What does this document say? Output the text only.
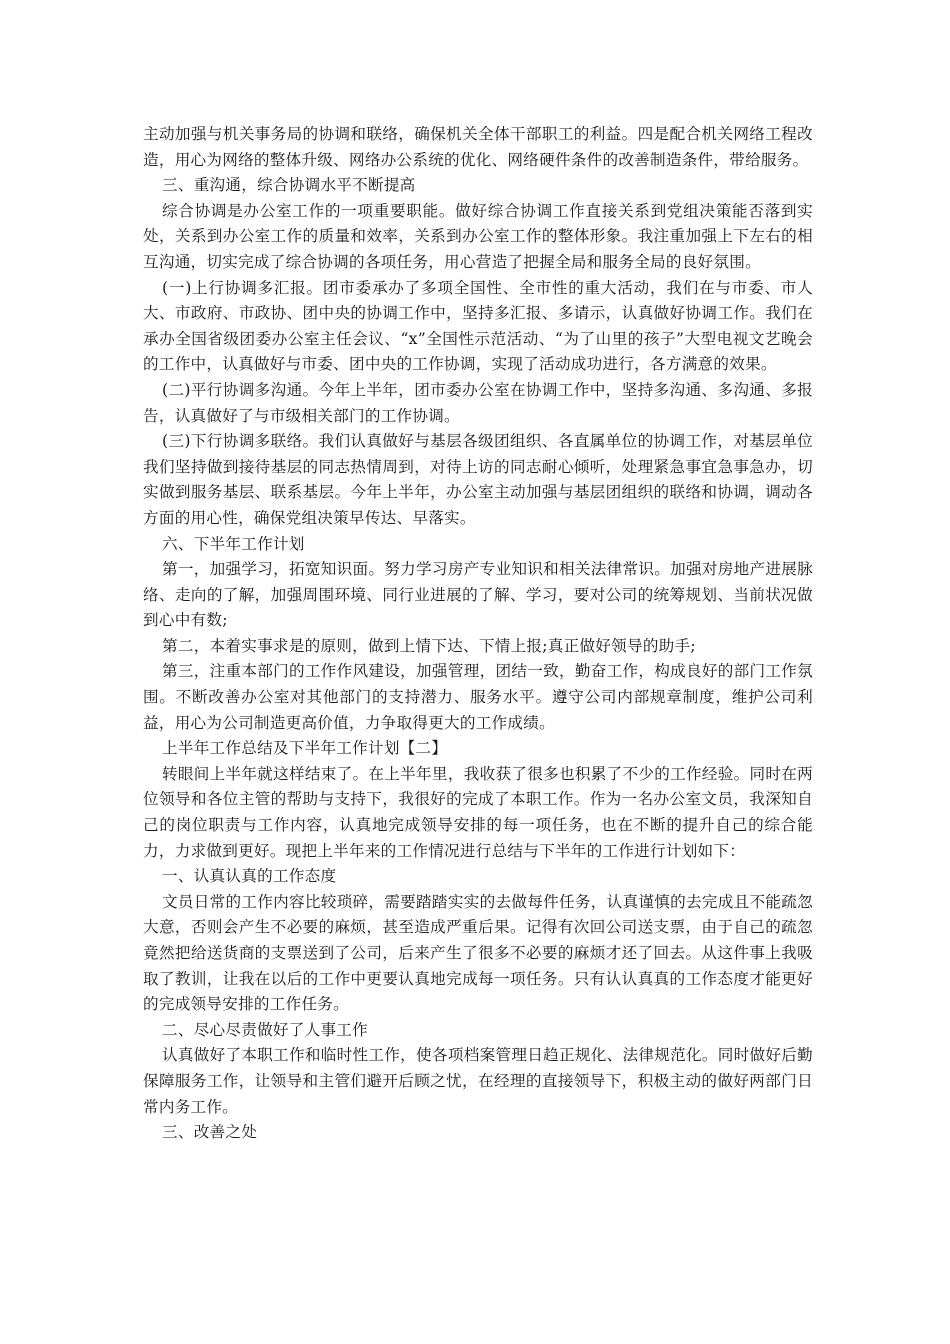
主动加强与机关事务局的协调和联络，确保机关全体干部职工的利益。四是配合机关网络工程改造，用心为网络的整体升级、网络办公系统的优化、网络硬件条件的改善制造条件，带给服务。

三、重沟通，综合协调水平不断提高

综合协调是办公室工作的一项重要职能。做好综合协调工作直接关系到党组决策能否落到实处，关系到办公室工作的质量和效率，关系到办公室工作的整体形象。我注重加强上下左右的相互沟通，切实完成了综合协调的各项任务，用心营造了把握全局和服务全局的良好氛围。

(一)上行协调多汇报。团市委承办了多项全国性、全市性的重大活动，我们在与市委、市人大、市政府、市政协、团中央的协调工作中，坚持多汇报、多请示，认真做好协调工作。我们在承办全国省级团委办公室主任会议、“x”全国性示范活动、“为了山里的孩子”大型电视文艺晚会的工作中，认真做好与市委、团中央的工作协调，实现了活动成功进行，各方满意的效果。

(二)平行协调多沟通。今年上半年，团市委办公室在协调工作中，坚持多沟通、多沟通、多报告，认真做好了与市级相关部门的工作协调。

(三)下行协调多联络。我们认真做好与基层各级团组织、各直属单位的协调工作，对基层单位我们坚持做到接待基层的同志热情周到，对待上访的同志耐心倾听，处理紧急事宜急事急办，切实做到服务基层、联系基层。今年上半年，办公室主动加强与基层团组织的联络和协调，调动各方面的用心性，确保党组决策早传达、早落实。

六、下半年工作计划

第一，加强学习，拓宽知识面。努力学习房产专业知识和相关法律常识。加强对房地产进展脉络、走向的了解，加强周围环境、同行业进展的了解、学习，要对公司的统筹规划、当前状况做到心中有数;

第二，本着实事求是的原则，做到上情下达、下情上报;真正做好领导的助手;

第三，注重本部门的工作作风建设，加强管理，团结一致，勤奋工作，构成良好的部门工作氛围。不断改善办公室对其他部门的支持潜力、服务水平。遵守公司内部规章制度，维护公司利益，用心为公司制造更高价值，力争取得更大的工作成绩。

上半年工作总结及下半年工作计划【二】

转眼间上半年就这样结束了。在上半年里，我收获了很多也积累了不少的工作经验。同时在两位领导和各位主管的帮助与支持下，我很好的完成了本职工作。作为一名办公室文员，我深知自己的岗位职责与工作内容，认真地完成领导安排的每一项任务，也在不断的提升自己的综合能力，力求做到更好。现把上半年来的工作情况进行总结与下半年的工作进行计划如下：

一、认真认真的工作态度

文员日常的工作内容比较琐碎，需要踏踏实实的去做每件任务，认真谨慎的去完成且不能疏忽大意，否则会产生不必要的麻烦，甚至造成严重后果。记得有次回公司送支票，由于自己的疏忽竟然把给送货商的支票送到了公司，后来产生了很多不必要的麻烦才还了回去。从这件事上我吸取了教训，让我在以后的工作中更要认真地完成每一项任务。只有认认真真的工作态度才能更好的完成领导安排的工作任务。

二、尽心尽责做好了人事工作

认真做好了本职工作和临时性工作，使各项档案管理日趋正规化、法律规范化。同时做好后勤保障服务工作，让领导和主管们避开后顾之忧，在经理的直接领导下，积极主动的做好两部门日常内务工作。

三、改善之处
